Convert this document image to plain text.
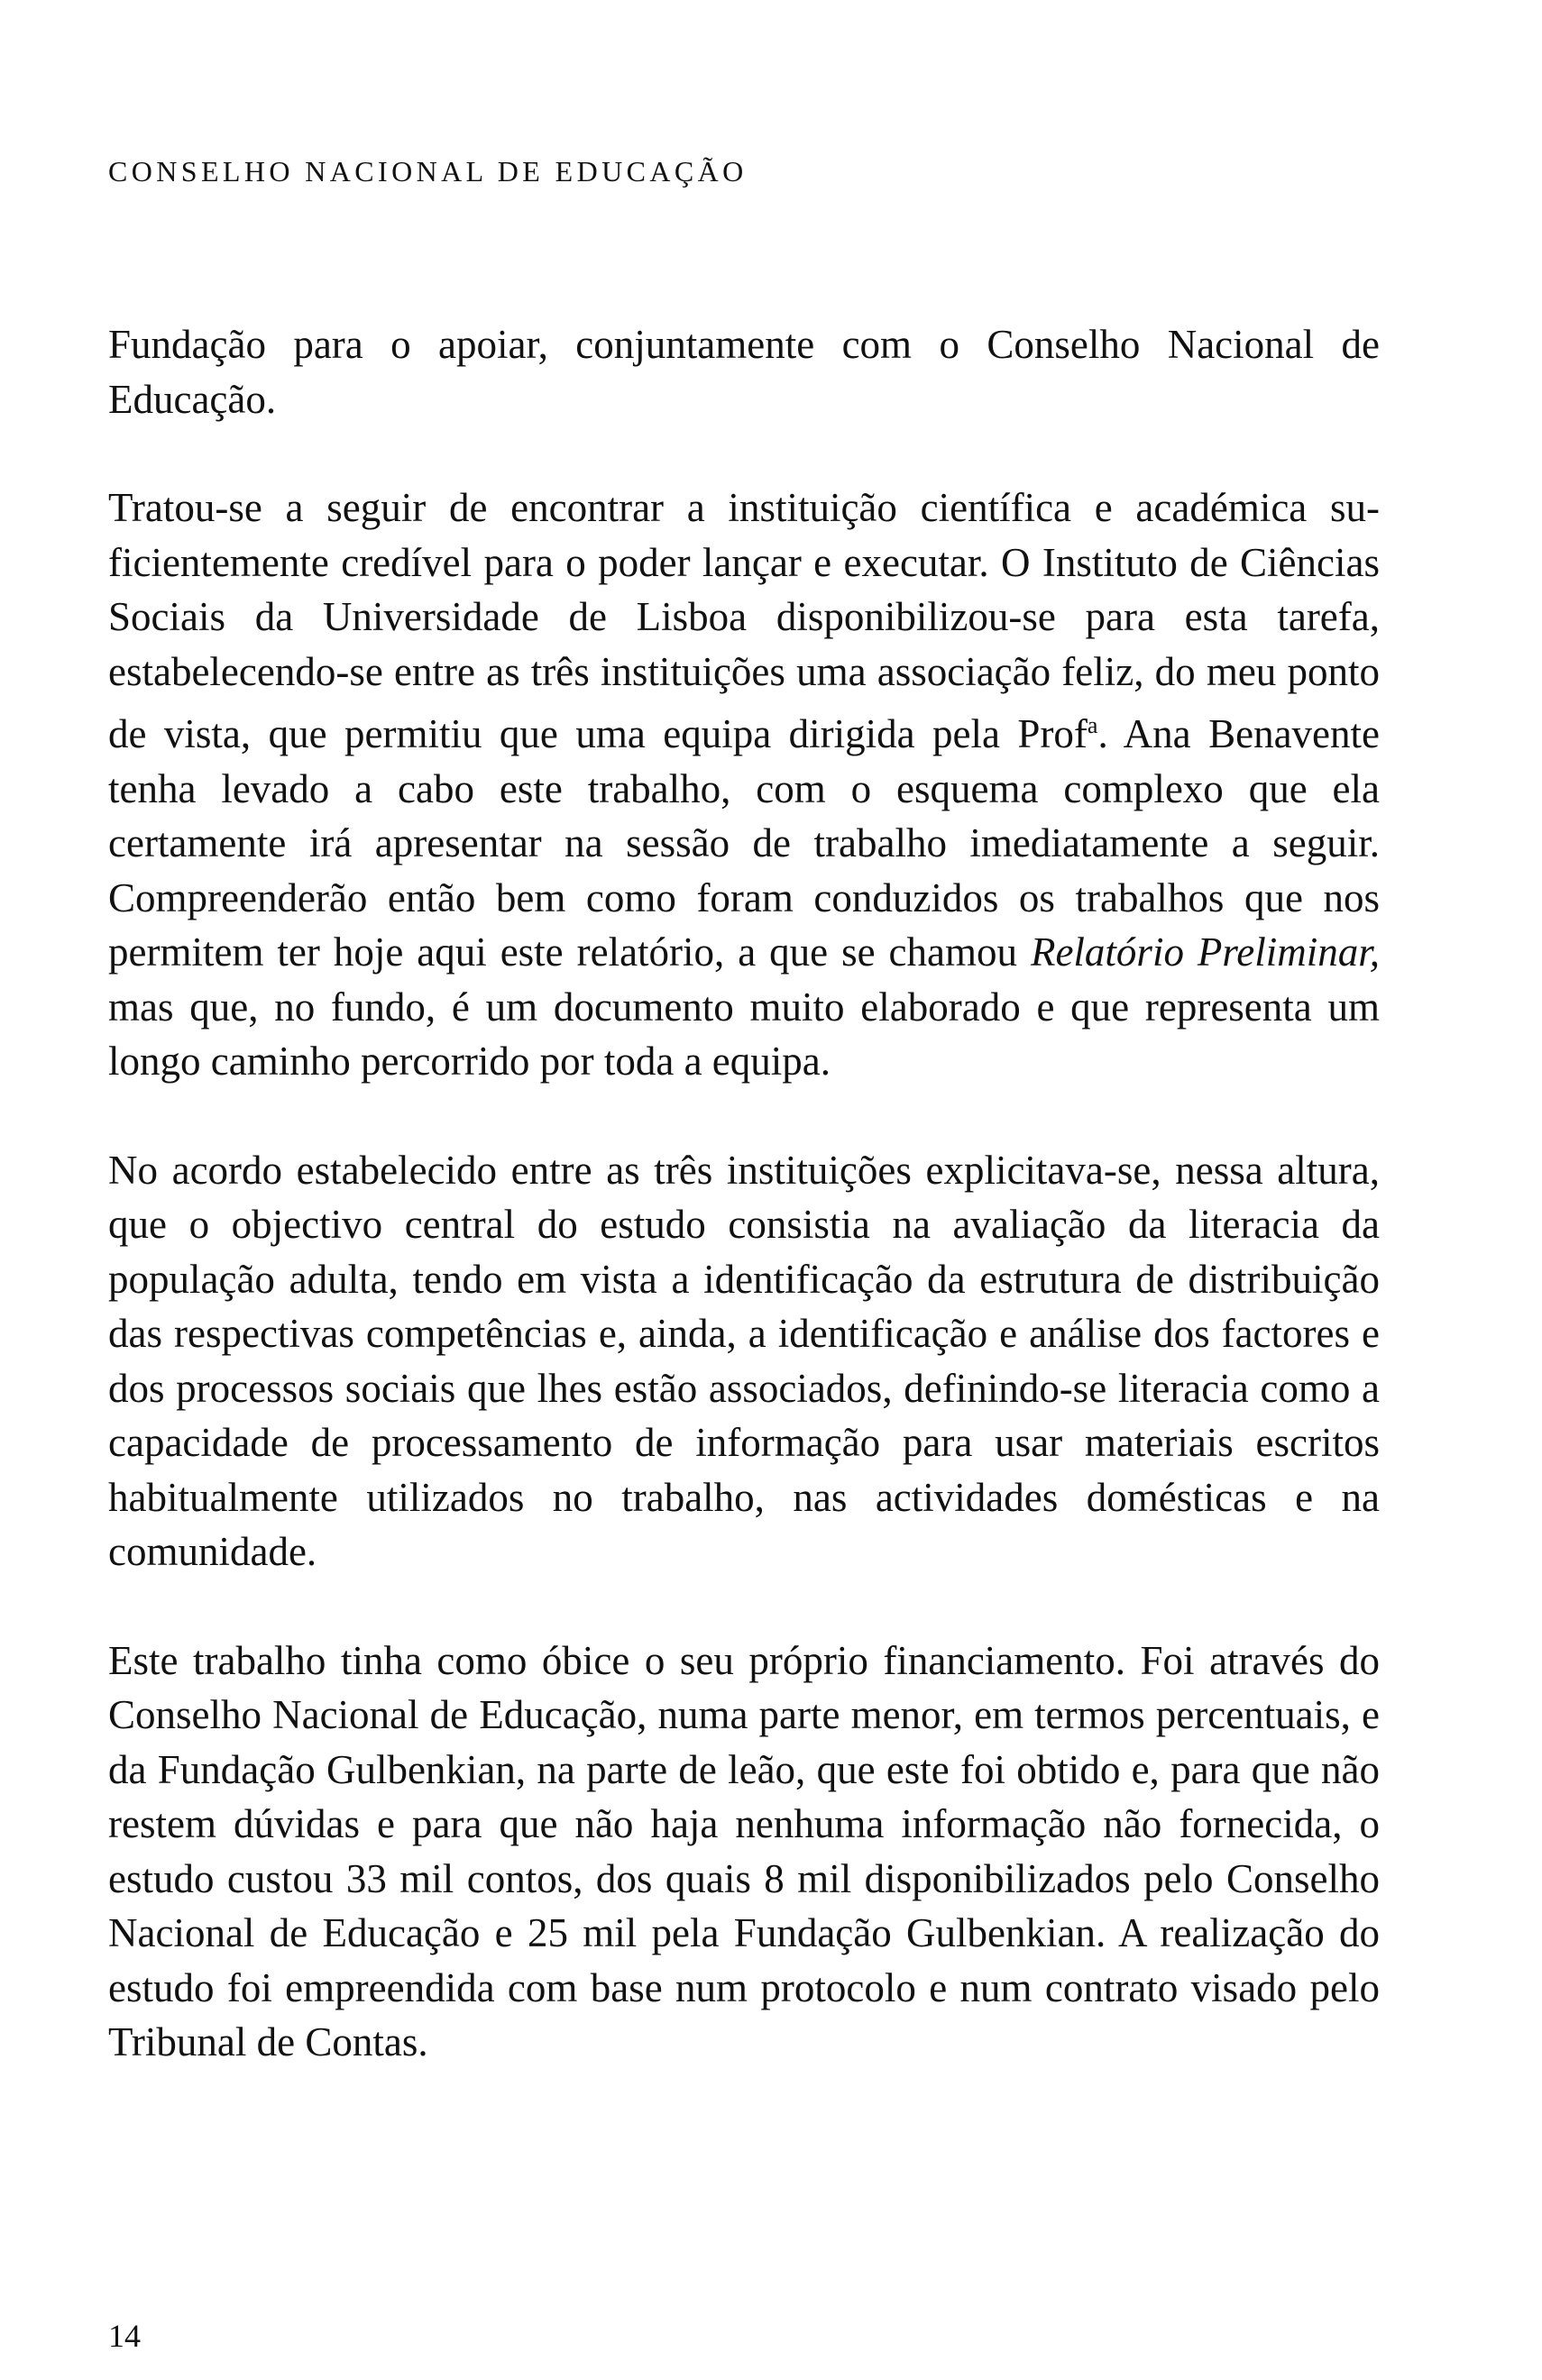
CONSELHO NACIONAL DE EDUCAÇÃO

Fundação para o apoiar, conjuntamente com o Conselho Nacional de Educação.

Tratou-se a seguir de encontrar a instituição científica e académica suficientemente credível para o poder lançar e executar. O Instituto de Ciências Sociais da Universidade de Lisboa disponibilizou-se para esta tarefa, estabelecendo-se entre as três instituições uma associação feliz, do meu ponto de vista, que permitiu que uma equipa dirigida pela Prof$^a$. Ana Benavente tenha levado a cabo este trabalho, com o esquema complexo que ela certamente irá apresentar na sessão de trabalho imediatamente a seguir. Compreenderão então bem como foram conduzidos os trabalhos que nos permitem ter hoje aqui este relatório, a que se chamou Relatório Preliminar, mas que, no fundo, é um documento muito elaborado e que representa um longo caminho percorrido por toda a equipa.

No acordo estabelecido entre as três instituições explicitava-se, nessa altura, que o objectivo central do estudo consistia na avaliação da literacia da população adulta, tendo em vista a identificação da estrutura de distribuição das respectivas competências e, ainda, a identificação e análise dos factores e dos processos sociais que lhes estão associados, definindo-se literacia como a capacidade de processamento de informação para usar materiais escritos habitualmente utilizados no trabalho, nas actividades domésticas e na comunidade.

Este trabalho tinha como óbice o seu próprio financiamento. Foi através do Conselho Nacional de Educação, numa parte menor, em termos percentuais, e da Fundação Gulbenkian, na parte de leão, que este foi obtido e, para que não restem dúvidas e para que não haja nenhuma informação não fornecida, o estudo custou 33 mil contos, dos quais 8 mil disponibilizados pelo Conselho Nacional de Educação e 25 mil pela Fundação Gulbenkian. A realização do estudo foi empreendida com base num protocolo e num contrato visado pelo Tribunal de Contas.

14
